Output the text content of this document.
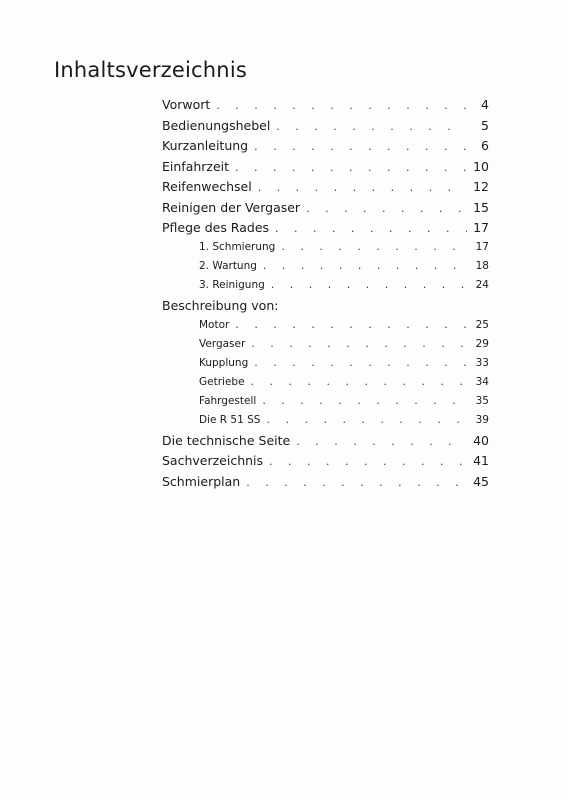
Inhaltsverzeichnis
Vorwort . . .	4
Bedienungshebel . . .	5
Kurzanleitung . . .	6
Einfahrzeit . . .	10
Reifenwechsel . . .	12
Reinigen der Vergaser . . .	15
Pflege des Rades . . .	17
1. Schmierung . . .	17
2. Wartung . . .	18
3. Reinigung . . .	24
Beschreibung von:
Motor . . .	25
Vergaser . . .	29
Kupplung . . .	33
Getriebe . . .	34
Fahrgestell . . .	35
Die R 51 SS . . .	39
Die technische Seite . . .	40
Sachverzeichnis . . .	41
Schmierplan . . .	45
